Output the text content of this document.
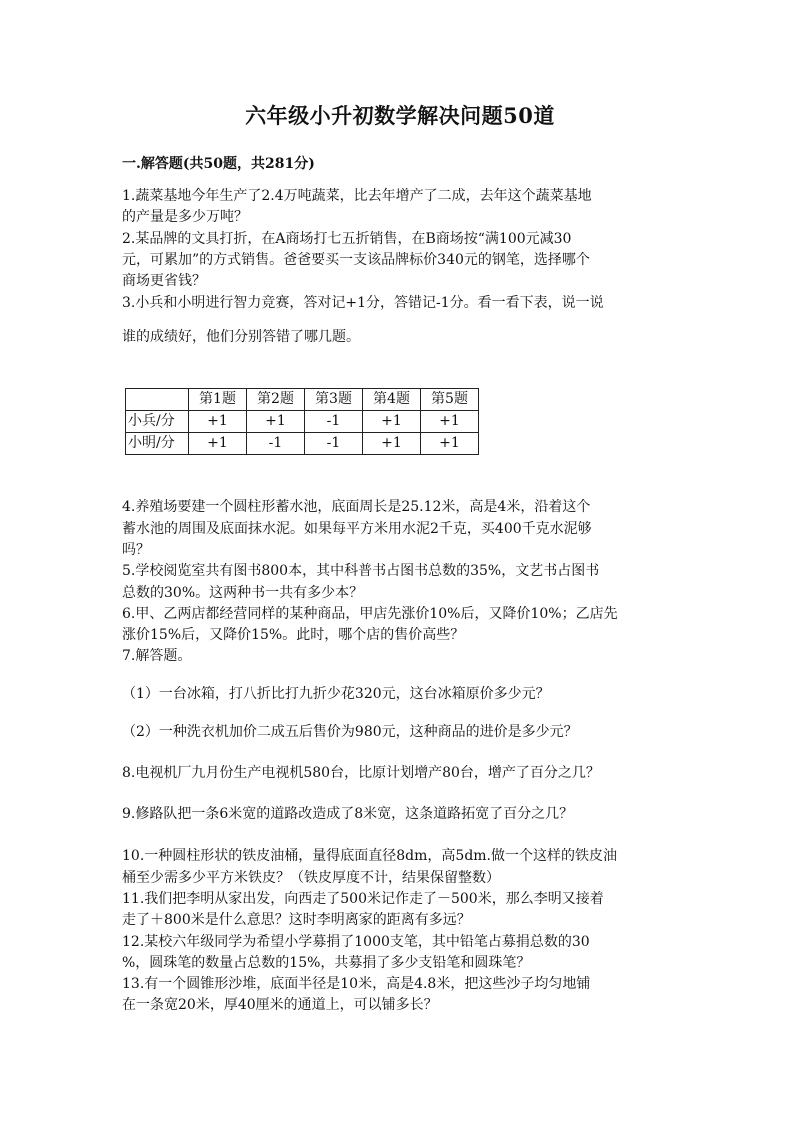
六年级小升初数学解决问题50道
一.解答题(共50题，共281分)
1.蔬菜基地今年生产了2.4万吨蔬菜，比去年增产了二成，去年这个蔬菜基地
的产量是多少万吨？
2.某品牌的文具打折，在A商场打七五折销售，在B商场按“满100元减30
元，可累加”的方式销售。爸爸要买一支该品牌标价340元的钢笔，选择哪个
商场更省钱？
3.小兵和小明进行智力竞赛，答对记+1分，答错记-1分。看一看下表，说一说
谁的成绩好，他们分别答错了哪几题。
	第1题	第2题	第3题	第4题	第5题
小兵/分	+1	+1	-1	+1	+1
小明/分	+1	-1	-1	+1	+1
4.养殖场要建一个圆柱形蓄水池，底面周长是25.12米，高是4米，沿着这个
蓄水池的周围及底面抹水泥。如果每平方米用水泥2千克，买400千克水泥够
吗？
5.学校阅览室共有图书800本，其中科普书占图书总数的35%，文艺书占图书
总数的30%。这两种书一共有多少本？
6.甲、乙两店都经营同样的某种商品，甲店先涨价10%后，又降价10%；乙店先
涨价15%后，又降价15%。此时，哪个店的售价高些？
7.解答题。
（1）一台冰箱，打八折比打九折少花320元，这台冰箱原价多少元？
（2）一种洗衣机加价二成五后售价为980元，这种商品的进价是多少元？
8.电视机厂九月份生产电视机580台，比原计划增产80台，增产了百分之几？
9.修路队把一条6米宽的道路改造成了8米宽，这条道路拓宽了百分之几？
10.一种圆柱形状的铁皮油桶，量得底面直径8dm，高5dm.做一个这样的铁皮油
桶至少需多少平方米铁皮？（铁皮厚度不计，结果保留整数）
11.我们把李明从家出发，向西走了500米记作走了－500米，那么李明又接着
走了＋800米是什么意思？这时李明离家的距离有多远？
12.某校六年级同学为希望小学募捐了1000支笔，其中铅笔占募捐总数的30
%，圆珠笔的数量占总数的15%，共募捐了多少支铅笔和圆珠笔？
13.有一个圆锥形沙堆，底面半径是10米，高是4.8米，把这些沙子均匀地铺
在一条宽20米，厚40厘米的通道上，可以铺多长？
